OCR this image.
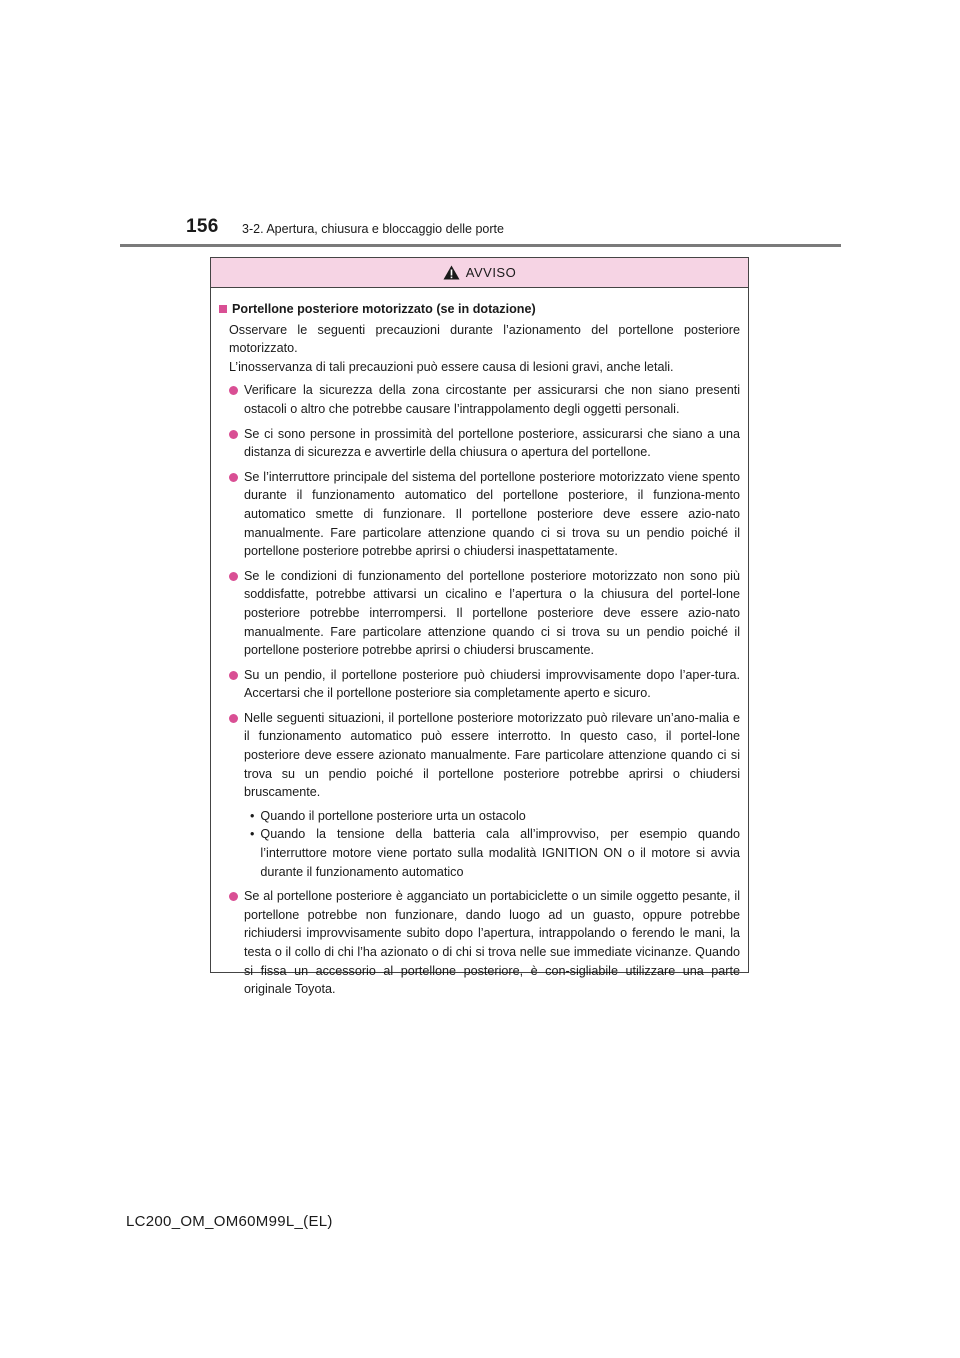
156 3-2. Apertura, chiusura e bloccaggio delle porte
AVVISO
Portellone posteriore motorizzato (se in dotazione)

Osservare le seguenti precauzioni durante l’azionamento del portellone posteriore motorizzato.

L’inosservanza di tali precauzioni può essere causa di lesioni gravi, anche letali.

Verificare la sicurezza della zona circostante per assicurarsi che non siano presenti ostacoli o altro che potrebbe causare l’intrappolamento degli oggetti personali.
Se ci sono persone in prossimità del portellone posteriore, assicurarsi che siano a una distanza di sicurezza e avvertirle della chiusura o apertura del portellone.
Se l’interruttore principale del sistema del portellone posteriore motorizzato viene spento durante il funzionamento automatico del portellone posteriore, il funziona-mento automatico smette di funzionare. Il portellone posteriore deve essere azio-nato manualmente. Fare particolare attenzione quando ci si trova su un pendio poiché il portellone posteriore potrebbe aprirsi o chiudersi inaspettatamente.
Se le condizioni di funzionamento del portellone posteriore motorizzato non sono più soddisfatte, potrebbe attivarsi un cicalino e l’apertura o la chiusura del portel-lone posteriore potrebbe interrompersi. Il portellone posteriore deve essere azio-nato manualmente. Fare particolare attenzione quando ci si trova su un pendio poiché il portellone posteriore potrebbe aprirsi o chiudersi bruscamente.
Su un pendio, il portellone posteriore può chiudersi improvvisamente dopo l’aper-tura. Accertarsi che il portellone posteriore sia completamente aperto e sicuro.
Nelle seguenti situazioni, il portellone posteriore motorizzato può rilevare un’ano-malia e il funzionamento automatico può essere interrotto. In questo caso, il portel-lone posteriore deve essere azionato manualmente. Fare particolare attenzione quando ci si trova su un pendio poiché il portellone posteriore potrebbe aprirsi o chiudersi bruscamente.
• Quando il portellone posteriore urta un ostacolo
• Quando la tensione della batteria cala all’improvviso, per esempio quando l’interruttore motore viene portato sulla modalità IGNITION ON o il motore si avvia durante il funzionamento automatico
Se al portellone posteriore è agganciato un portabiciclette o un simile oggetto pesante, il portellone potrebbe non funzionare, dando luogo ad un guasto, oppure potrebbe richiudersi improvvisamente subito dopo l’apertura, intrappolando o ferendo le mani, la testa o il collo di chi l’ha azionato o di chi si trova nelle sue immediate vicinanze. Quando si fissa un accessorio al portellone posteriore, è con-sigliabile utilizzare una parte originale Toyota.
LC200_OM_OM60M99L_(EL)
